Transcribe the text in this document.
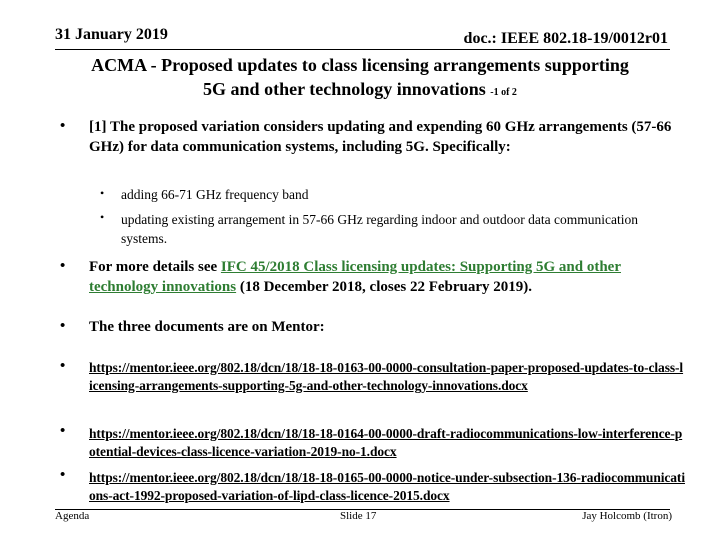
31 January 2019	doc.: IEEE 802.18-19/0012r01
ACMA - Proposed updates to class licensing arrangements supporting
5G and other technology innovations -1 of 2
• [1] The proposed variation considers updating and expending 60 GHz arrangements (57-66 GHz) for data communication systems, including 5G. Specifically:
• adding 66-71 GHz frequency band
• updating existing arrangement in 57-66 GHz regarding indoor and outdoor data communication systems.
• For more details see IFC 45/2018 Class licensing updates: Supporting 5G and other technology innovations (18 December 2018, closes 22 February 2019).
• The three documents are on Mentor:
• https://mentor.ieee.org/802.18/dcn/18/18-18-0163-00-0000-consultation-paper-proposed-updates-to-class-licensing-arrangements-supporting-5g-and-other-technology-innovations.docx
• https://mentor.ieee.org/802.18/dcn/18/18-18-0164-00-0000-draft-radiocommunications-low-interference-potential-devices-class-licence-variation-2019-no-1.docx
• https://mentor.ieee.org/802.18/dcn/18/18-18-0165-00-0000-notice-under-subsection-136-radiocommunications-act-1992-proposed-variation-of-lipd-class-licence-2015.docx
Agenda	Slide 17	Jay Holcomb (Itron)
